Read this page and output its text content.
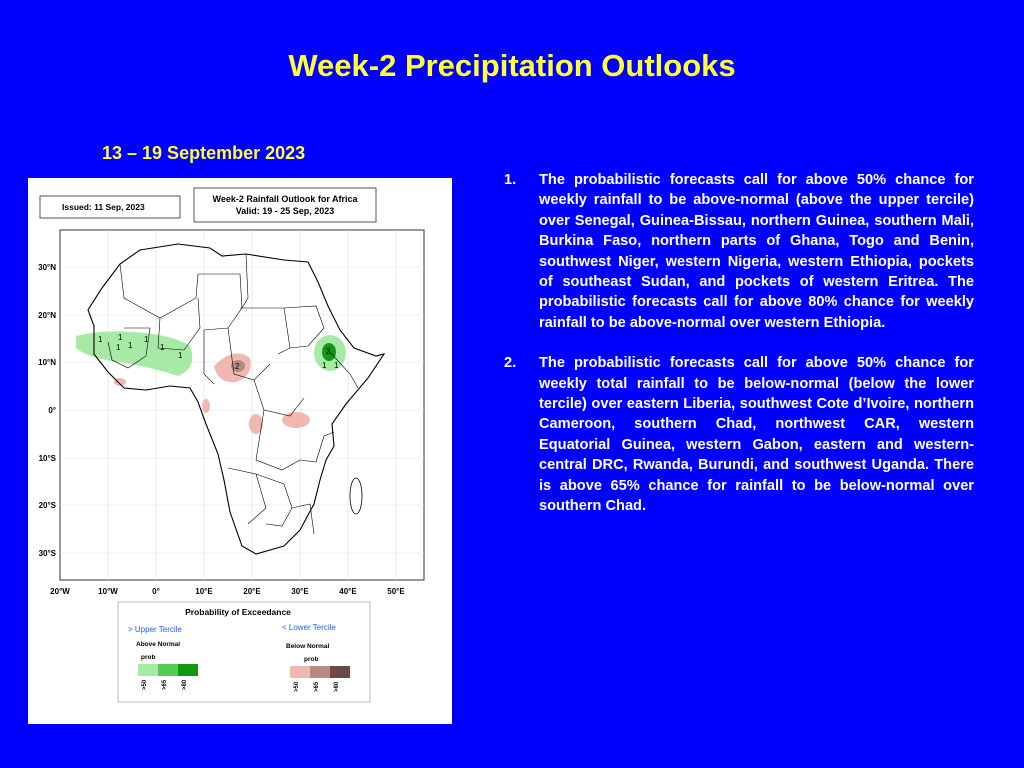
Week-2 Precipitation Outlooks
13 – 19 September 2023
Issued: 11 Sep, 2023
Week-2 Rainfall Outlook for Africa
Valid: 19 - 25 Sep, 2023
1 1
1
1
1
1
1	2
1 1
2
30°N
20°N
10°N
0°
10°S
20°S
30°S
20°W	10°W	0°	10°E	20°E	30°E	40°E	50°E
Probability of Exceedance
> Upper Tercile	< Lower Tercile
Above Normal
prob
Below Normal
prob
>50 >65 >80	>50 >65 >80
1.	The probabilistic forecasts call for above 50% chance for weekly rainfall to be above-normal (above the upper tercile) over Senegal, Guinea-Bissau, northern Guinea, southern Mali, Burkina Faso, northern parts of Ghana, Togo and Benin, southwest Niger, western Nigeria, western Ethiopia, pockets of southeast Sudan, and pockets of western Eritrea. The probabilistic forecasts call for above 80% chance for weekly rainfall to be above-normal over western Ethiopia.
2.	The probabilistic forecasts call for above 50% chance for weekly total rainfall to be below-normal (below the lower tercile) over eastern Liberia, southwest Cote d’Ivoire, northern Cameroon, southern Chad, northwest CAR, western Equatorial Guinea, western Gabon, eastern and western-central DRC, Rwanda, Burundi, and southwest Uganda. There is above 65% chance for rainfall to be below-normal over southern Chad.
